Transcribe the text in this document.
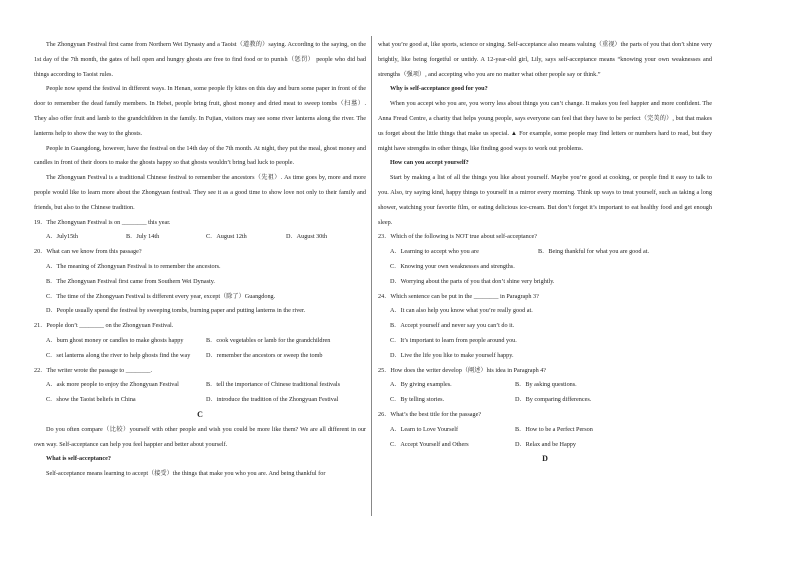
The Zhongyuan Festival first came from Northern Wei Dynasty and a Taoist（道教的）saying. According to the saying, on the 1st day of the 7th month, the gates of hell open and hungry ghosts are free to find food or to punish（惩罚） people who did bad things according to Taoist rules.

People now spend the festival in different ways. In Henan, some people fly kites on this day and burn some paper in front of the door to remember the dead family members. In Hebei, people bring fruit, ghost money and dried meat to sweep tombs（扫墓）. They also offer fruit and lamb to the grandchildren in the family. In Fujian, visitors may see some river lanterns along the river. The lanterns help to show the way to the ghosts.

People in Guangdong, however, have the festival on the 14th day of the 7th month. At night, they put the meal, ghost money and candles in front of their doors to make the ghosts happy so that ghosts wouldn’t bring bad luck to people.

The Zhongyuan Festival is a traditional Chinese festival to remember the ancestors（先祖）. As time goes by, more and more people would like to learn more about the Zhongyuan festival. They see it as a good time to show love not only to their family and friends, but also to the Chinese tradition.

19．The Zhongyuan Festival is on ________ this year.

A．July15th	B．July 14th	C．August 12th	D．August 30th

20．What can we know from this passage?

A．The meaning of Zhongyuan Festival is to remember the ancestors.

B．The Zhongyuan Festival first came from Southern Wei Dynasty.

C．The time of the Zhongyuan Festival is different every year, except（除了）Guangdong.

D．People usually spend the festival by sweeping tombs, burning paper and putting lanterns in the river.

21．People don’t ________ on the Zhongyuan Festival.

A．burn ghost money or candles to make ghosts happy	B．cook vegetables or lamb for the grandchildren
C．set lanterns along the river to help ghosts find the way	D．remember the ancestors or sweep the tomb

22．The writer wrote the passage to ________.

A．ask more people to enjoy the Zhongyuan Festival	B．tell the importance of Chinese traditional festivals
C．show the Taoist beliefs in China	D．introduce the tradition of the Zhongyuan Festival

C

Do you often compare（比较）yourself with other people and wish you could be more like them? We are all different in our own way. Self-acceptance can help you feel happier and better about yourself.

What is self-acceptance?

Self-acceptance means learning to accept（接受）the things that make you who you are. And being thankful for

what you’re good at, like sports, science or singing. Self-acceptance also means valuing（重视）the parts of you that don’t shine very brightly, like being forgetful or untidy. A 12-year-old girl, Lily, says self-acceptance means “knowing your own weaknesses and strengths（强项）, and accepting who you are no matter what other people say or think.”

Why is self-acceptance good for you?

When you accept who you are, you worry less about things you can’t change. It makes you feel happier and more confident. The Anna Freud Centre, a charity that helps young people, says everyone can feel that they have to be perfect（完美的）, but that makes us forget about the little things that make us special. ▲ For example, some people may find letters or numbers hard to read, but they might have strengths in other things, like finding good ways to work out problems.

How can you accept yourself?

Start by making a list of all the things you like about yourself. Maybe you’re good at cooking, or people find it easy to talk to you. Also, try saying kind, happy things to yourself in a mirror every morning. Think up ways to treat yourself, such as taking a long shower, watching your favorite film, or eating delicious ice-cream. But don’t forget it’s important to eat healthy food and get enough sleep.

23．Which of the following is NOT true about self-acceptance?

A．Learning to accept who you are	B．Being thankful for what you are good at.

C．Knowing your own weaknesses and strengths.

D．Worrying about the parts of you that don’t shine very brightly.

24．Which sentence can be put in the ________ in Paragraph 3?

A．It can also help you know what you’re really good at.

B．Accept yourself and never say you can’t do it.

C．It’s important to learn from people around you.

D．Live the life you like to make yourself happy.

25．How does the writer develop（阐述）his idea in Paragraph 4?

A．By giving examples.	B．By asking questions.
C．By telling stories.	D．By comparing differences.

26．What’s the best title for the passage?

A．Learn to Love Yourself	B．How to be a Perfect Person
C．Accept Yourself and Others	D．Relax and be Happy

D
